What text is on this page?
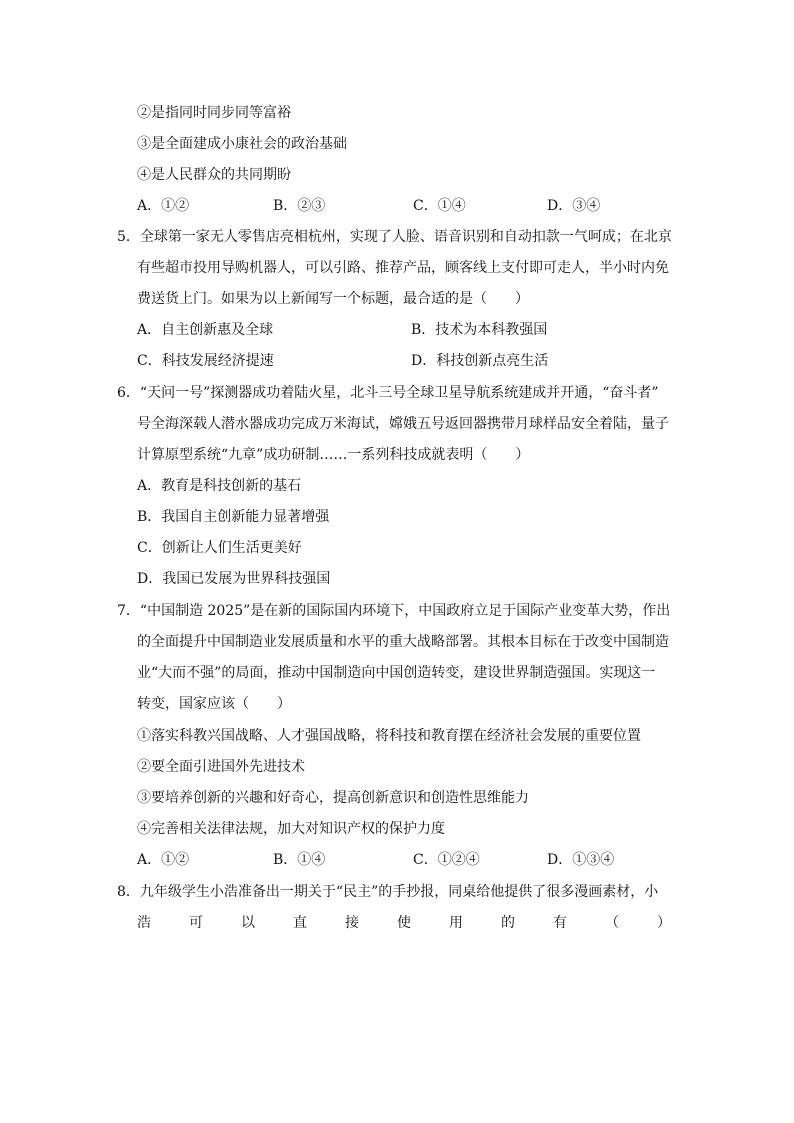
②是指同时同步同等富裕
③是全面建成小康社会的政治基础
④是人民群众的共同期盼
A．①②	B．②③	C．①④	D．③④
5．全球第一家无人零售店亮相杭州，实现了人脸、语音识别和自动扣款一气呵成；在北京
有些超市投用导购机器人，可以引路、推荐产品，顾客线上支付即可走人，半小时内免
费送货上门。如果为以上新闻写一个标题，最合适的是（　　）
A．自主创新惠及全球	B．技术为本科教强国
C．科技发展经济提速	D．科技创新点亮生活
6．“天问一号”探测器成功着陆火星，北斗三号全球卫星导航系统建成并开通，“奋斗者”
号全海深载人潜水器成功完成万米海试，嫦娥五号返回器携带月球样品安全着陆，量子
计算原型系统“九章”成功研制……一系列科技成就表明（　　）
A．教育是科技创新的基石
B．我国自主创新能力显著增强
C．创新让人们生活更美好
D．我国已发展为世界科技强国
7．“中国制造 2025”是在新的国际国内环境下，中国政府立足于国际产业变革大势，作出
的全面提升中国制造业发展质量和水平的重大战略部署。其根本目标在于改变中国制造
业“大而不强”的局面，推动中国制造向中国创造转变，建设世界制造强国。实现这一
转变，国家应该（　　）
①落实科教兴国战略、人才强国战略，将科技和教育摆在经济社会发展的重要位置
②要全面引进国外先进技术
③要培养创新的兴趣和好奇心，提高创新意识和创造性思维能力
④完善相关法律法规，加大对知识产权的保护力度
A．①②	B．①④	C．①②④	D．①③④
8．九年级学生小浩准备出一期关于“民主”的手抄报，同桌给他提供了很多漫画素材，小
浩	可	以	直	接	使	用	的	有	（	）
